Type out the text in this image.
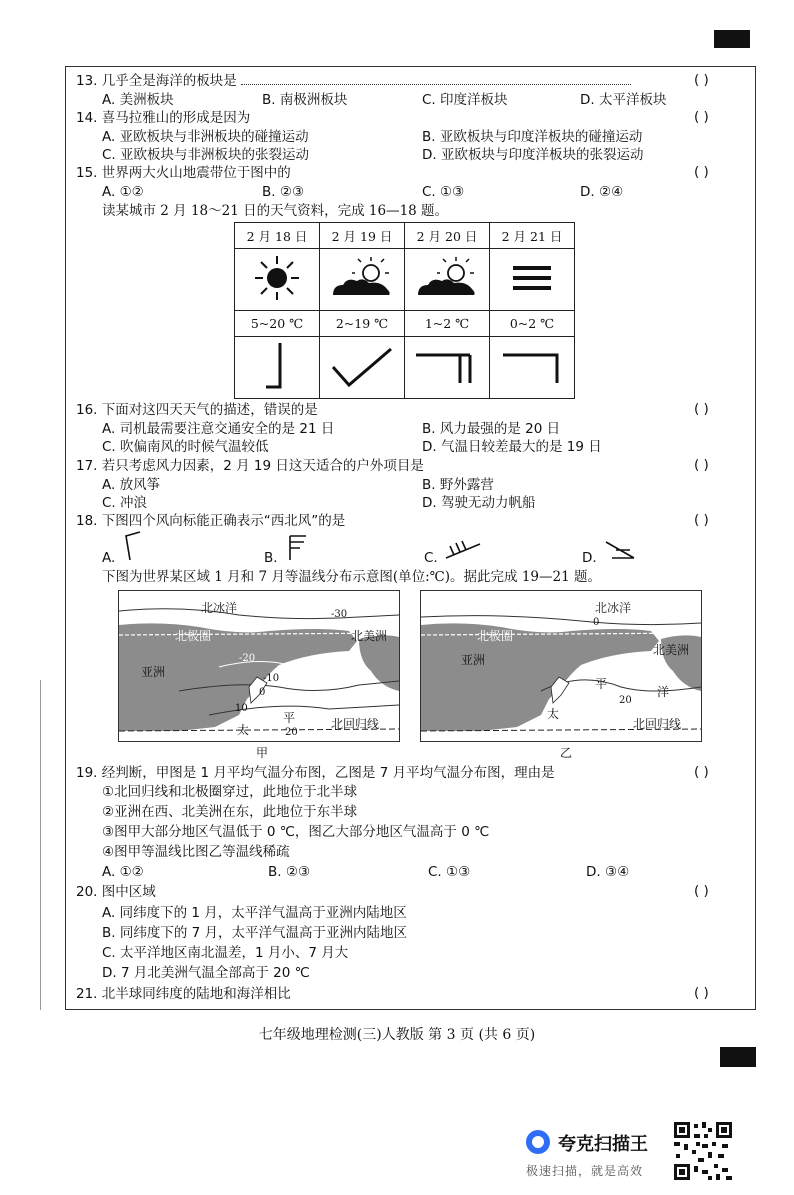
13. 几乎全是海洋的板块是	( )
A. 美洲板块	B. 南极洲板块	C. 印度洋板块	D. 太平洋板块
14. 喜马拉雅山的形成是因为	( )
A. 亚欧板块与非洲板块的碰撞运动	B. 亚欧板块与印度洋板块的碰撞运动
C. 亚欧板块与非洲板块的张裂运动	D. 亚欧板块与印度洋板块的张裂运动
15. 世界两大火山地震带位于图中的	( )
A. ①②	B. ②③	C. ①③	D. ②④
读某城市 2 月 18～21 日的天气资料，完成 16—18 题。
2 月 18 日	2 月 19 日	2 月 20 日	2 月 21 日

5~20 ℃	2~19 ℃	1~2 ℃	0~2 ℃

16. 下面对这四天天气的描述，错误的是	( )
A. 司机最需要注意交通安全的是 21 日	B. 风力最强的是 20 日
C. 吹偏南风的时候气温较低	D. 气温日较差最大的是 19 日
17. 若只考虑风力因素，2 月 19 日这天适合的户外项目是	( )
A. 放风筝	B. 野外露营
C. 冲浪	D. 驾驶无动力帆船
18. 下图四个风向标能正确表示“西北风”的是	( )
A.	B.	C.	D.
下图为世界某区域 1 月和 7 月等温线分布示意图(单位:℃)。据此完成 19—21 题。
北冰洋
北极圈	北美洲
亚洲
-30
-20
-10
0
10
20
平
太	北回归线
甲
北冰洋
北极圈
北美洲
亚洲
0
20
平
洋
太
北回归线
乙
19. 经判断，甲图是 1 月平均气温分布图，乙图是 7 月平均气温分布图，理由是	( )
①北回归线和北极圈穿过，此地位于北半球
②亚洲在西、北美洲在东，此地位于东半球
③图甲大部分地区气温低于 0 ℃，图乙大部分地区气温高于 0 ℃
④图甲等温线比图乙等温线稀疏
A. ①②	B. ②③	C. ①③	D. ③④
20. 图中区域	( )
A. 同纬度下的 1 月，太平洋气温高于亚洲内陆地区
B. 同纬度下的 7 月，太平洋气温高于亚洲内陆地区
C. 太平洋地区南北温差，1 月小、7 月大
D. 7 月北美洲气温全部高于 20 ℃
21. 北半球同纬度的陆地和海洋相比	( )
七年级地理检测(三)人教版 第 3 页 (共 6 页)
夸克扫描王
极速扫描，就是高效
